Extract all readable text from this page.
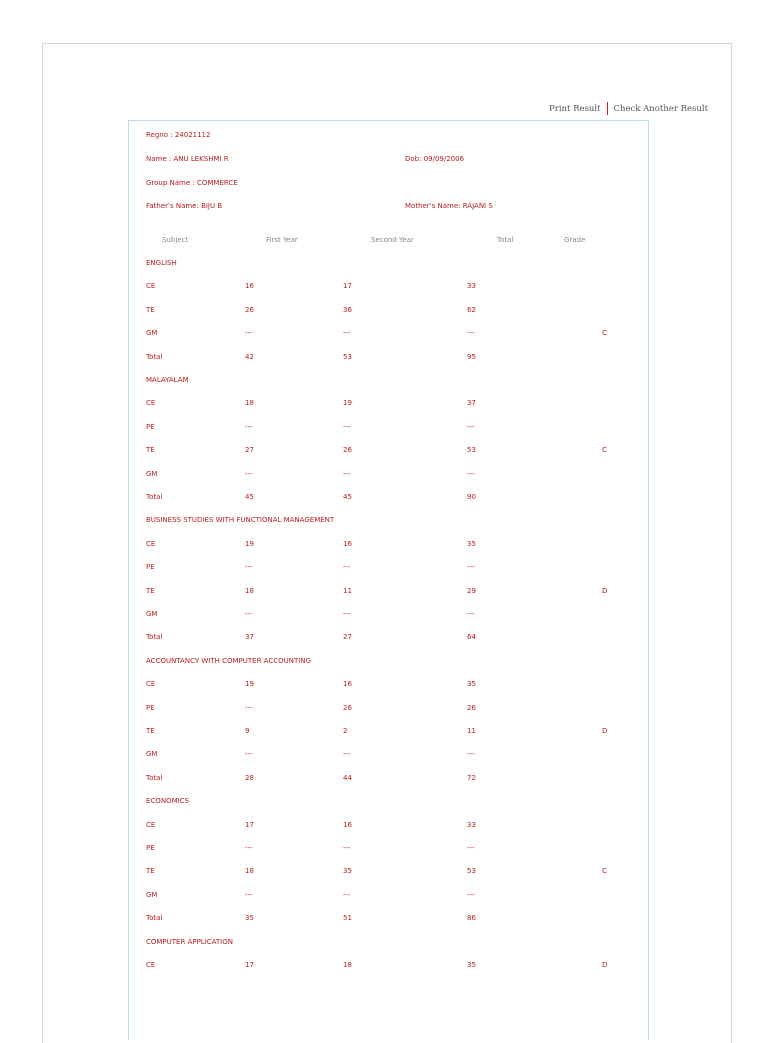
Print Result Check Another Result
Regno : 24021112
Name : ANU LEKSHMI R	Dob: 09/09/2006
Group Name : COMMERCE
Father's Name: BIJU B	Mother's Name: RAJANI S
Subject	First Year	Second Year	Total	Grade
ENGLISH
CE	16	17	33
TE	26	36	62
GM	---	---	---	C
Total	42	53	95
MALAYALAM
CE	18	19	37
PE	---	---	---
TE	27	26	53	C
GM	---	---	---
Total	45	45	90
BUSINESS STUDIES WITH FUNCTIONAL MANAGEMENT
CE	19	16	35
PE	---	---	---
TE	18	11	29	D
GM	---	---	---
Total	37	27	64
ACCOUNTANCY WITH COMPUTER ACCOUNTING
CE	19	16	35
PE	---	26	26
TE	9	2	11	D
GM	---	---	---
Total	28	44	72
ECONOMICS
CE	17	16	33
PE	---	---	---
TE	18	35	53	C
GM	---	---	---
Total	35	51	86
COMPUTER APPLICATION
CE	17	18	35	D
